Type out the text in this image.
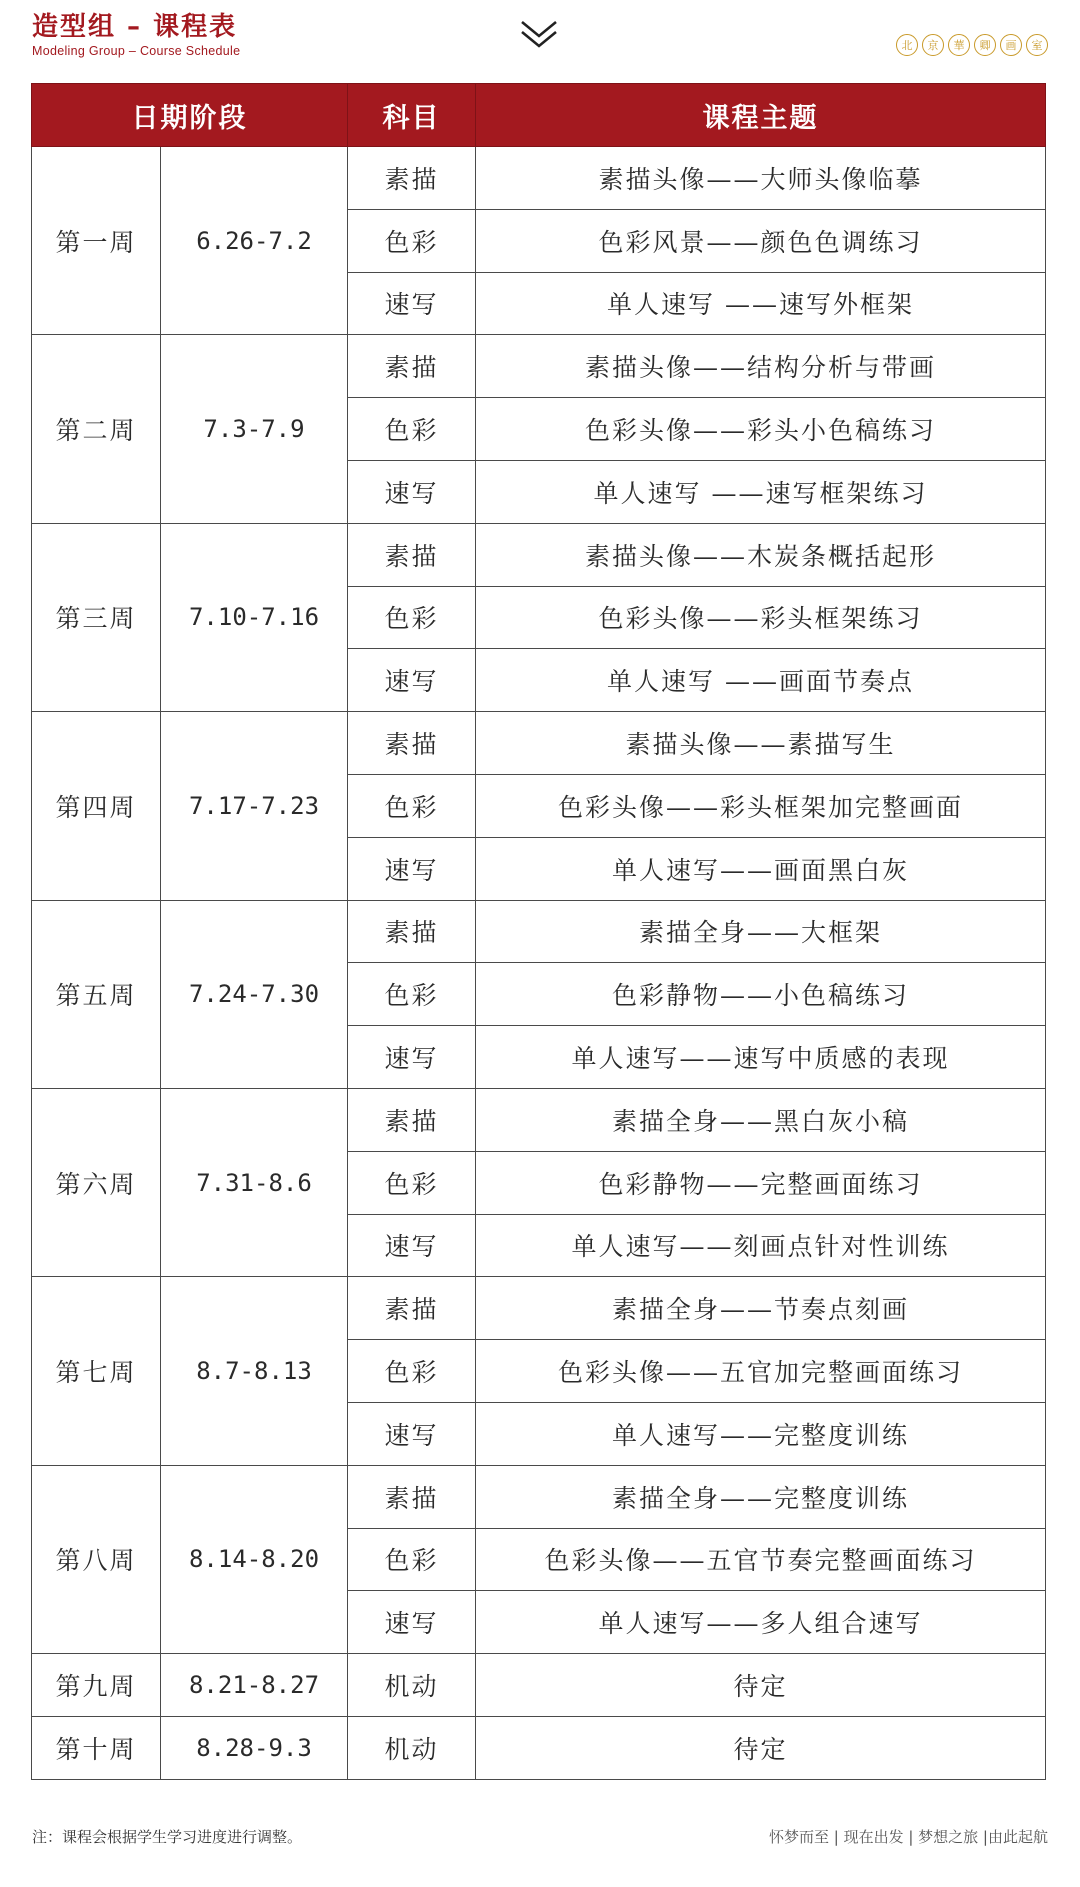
造型组 – 课程表
Modeling Group – Course Schedule	北	京	華	卿	画	室
日期阶段		科目	课程主题
第一周	6.26-7.2	素描	素描头像——大师头像临摹
		色彩	色彩风景——颜色色调练习
		速写	单人速写 ——速写外框架
第二周	7.3-7.9	素描	素描头像——结构分析与带画
		色彩	色彩头像——彩头小色稿练习
		速写	单人速写 ——速写框架练习
第三周	7.10-7.16	素描	素描头像——木炭条概括起形
		色彩	色彩头像——彩头框架练习
		速写	单人速写 ——画面节奏点
第四周	7.17-7.23	素描	素描头像——素描写生
		色彩	色彩头像——彩头框架加完整画面
		速写	单人速写——画面黑白灰
第五周	7.24-7.30	素描	素描全身——大框架
		色彩	色彩静物——小色稿练习
		速写	单人速写——速写中质感的表现
第六周	7.31-8.6	素描	素描全身——黑白灰小稿
		色彩	色彩静物——完整画面练习
		速写	单人速写——刻画点针对性训练
第七周	8.7-8.13	素描	素描全身——节奏点刻画
		色彩	色彩头像——五官加完整画面练习
		速写	单人速写——完整度训练
第八周	8.14-8.20	素描	素描全身——完整度训练
		色彩	色彩头像——五官节奏完整画面练习
		速写	单人速写——多人组合速写
第九周	8.21-8.27	机动	待定
第十周	8.28-9.3	机动	待定
注：课程会根据学生学习进度进行调整。	怀梦而至 | 现在出发 | 梦想之旅 |由此起航
